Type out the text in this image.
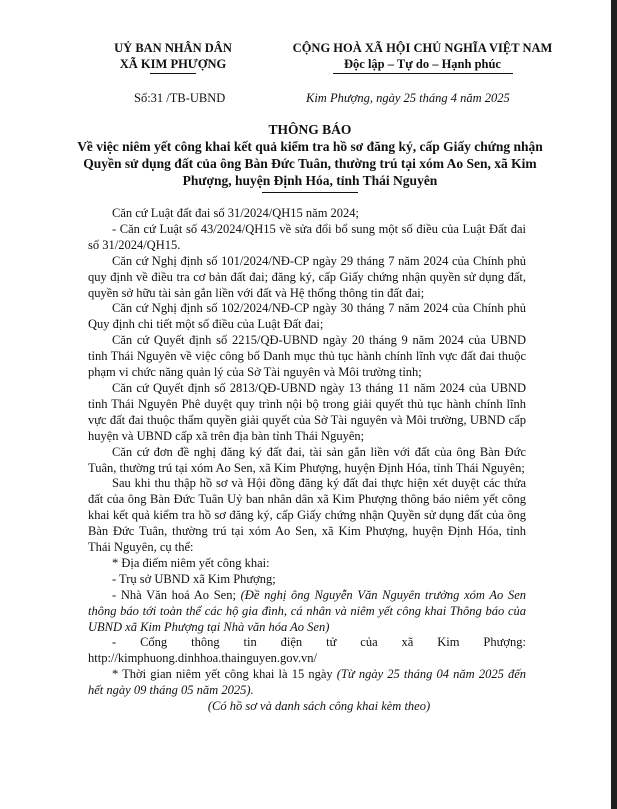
UỶ BAN NHÂN DÂN
XÃ KIM PHƯỢNG
CỘNG HOÀ XÃ HỘI CHỦ NGHĨA VIỆT NAM
Độc lập – Tự do – Hạnh phúc
Số:31 /TB-UBND	Kim Phượng, ngày 25 tháng 4 năm 2025
THÔNG BÁO
Về việc niêm yết công khai kết quả kiểm tra hồ sơ đăng ký, cấp Giấy chứng nhận Quyền sử dụng đất của ông Bàn Đức Tuân, thường trú tại xóm Ao Sen, xã Kim Phượng, huyện Định Hóa, tỉnh Thái Nguyên

Căn cứ Luật đất đai số 31/2024/QH15 năm 2024;

- Căn cứ Luật số 43/2024/QH15 về sửa đổi bổ sung một số điều của Luật Đất đai số 31/2024/QH15.

Căn cứ Nghị định số 101/2024/NĐ-CP ngày 29 tháng 7 năm 2024 của Chính phủ quy định về điều tra cơ bản đất đai; đăng ký, cấp Giấy chứng nhận quyền sử dụng đất, quyền sở hữu tài sản gắn liền với đất và Hệ thống thông tin đất đai;

Căn cứ Nghị định số 102/2024/NĐ-CP ngày 30 tháng 7 năm 2024 của Chính phủ Quy định chi tiết một số điều của Luật Đất đai;

Căn cứ Quyết định số 2215/QĐ-UBND ngày 20 tháng 9 năm 2024 của UBND tỉnh Thái Nguyên về việc công bố Danh mục thủ tục hành chính lĩnh vực đất đai thuộc phạm vi chức năng quản lý của Sở Tài nguyên và Môi trường tỉnh;

Căn cứ Quyết định số 2813/QĐ-UBND ngày 13 tháng 11 năm 2024 của UBND tỉnh Thái Nguyên Phê duyệt quy trình nội bộ trong giải quyết thủ tục hành chính lĩnh vực đất đai thuộc thẩm quyền giải quyết của Sở Tài nguyên và Môi trường, UBND cấp huyện và UBND cấp xã trên địa bàn tỉnh Thái Nguyên;

Căn cứ đơn đề nghị đăng ký đất đai, tài sản gắn liền với đất của ông Bàn Đức Tuân, thường trú tại xóm Ao Sen, xã Kim Phượng, huyện Định Hóa, tỉnh Thái Nguyên;

Sau khi thu thập hồ sơ và Hội đồng đăng ký đất đai thực hiện xét duyệt các thửa đất của ông Bàn Đức Tuân Uỷ ban nhân dân xã Kim Phượng thông báo niêm yết công khai kết quả kiểm tra hồ sơ đăng ký, cấp Giấy chứng nhận Quyền sử dụng đất của ông Bàn Đức Tuân, thường trú tại xóm Ao Sen, xã Kim Phượng, huyện Định Hóa, tỉnh Thái Nguyên, cụ thể:

* Địa điểm niêm yết công khai:

- Trụ sở UBND xã Kim Phượng;

- Nhà Văn hoá Ao Sen; (Đề nghị ông Nguyễn Văn Nguyên trưởng xóm Ao Sen thông báo tới toàn thể các hộ gia đình, cá nhân và niêm yết công khai Thông báo của UBND xã Kim Phượng tại Nhà văn hóa Ao Sen)

- Cổng thông tin điện tử của xã Kim Phượng: http://kimphuong.dinhhoa.thainguyen.gov.vn/

* Thời gian niêm yết công khai là 15 ngày (Từ ngày 25 tháng 04 năm 2025 đến hết ngày 09 tháng 05 năm 2025).

(Có hồ sơ và danh sách công khai kèm theo)
